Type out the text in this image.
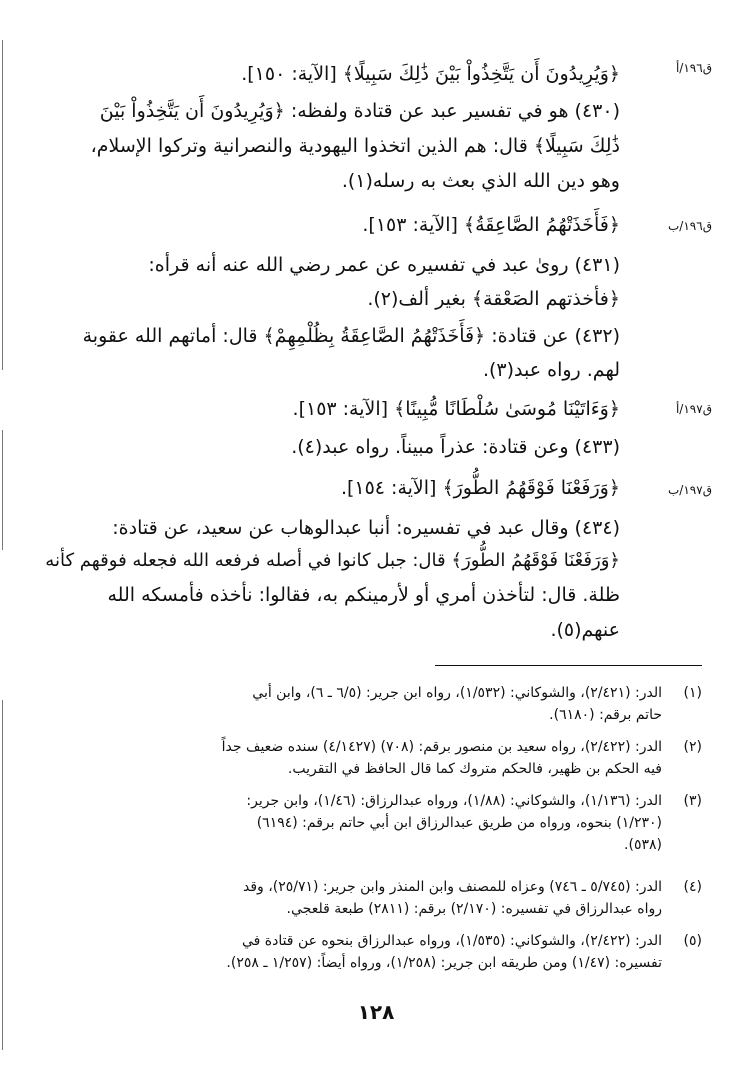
ق١٩٦/أ
ق١٩٦/ب
ق١٩٧/أ
ق١٩٧/ب
﴿وَيُرِيدُونَ أَن يَتَّخِذُواْ بَيْنَ ذَٰلِكَ سَبِيلًا﴾ [الآية: ١٥٠].
(٤٣٠) هو في تفسير عبد عن قتادة ولفظه: ﴿وَيُرِيدُونَ أَن يَتَّخِذُواْ بَيْنَ
ذَٰلِكَ سَبِيلًا﴾ قال: هم الذين اتخذوا اليهودية والنصرانية وتركوا الإسلام،
وهو دين الله الذي بعث به رسله(١).
﴿فَأَخَذَتْهُمُ الصَّاعِقَةُ﴾ [الآية: ١٥٣].
(٤٣١) روىٰ عبد في تفسيره عن عمر رضي الله عنه أنه قرأه:
﴿فأخذتهم الصَعْقة﴾ بغير ألف(٢).
(٤٣٢) عن قتادة: ﴿فَأَخَذَتْهُمُ الصَّاعِقَةُ بِظُلْمِهِمْ﴾ قال: أماتهم الله عقوبة
لهم. رواه عبد(٣).
﴿وَءَاتَيْنَا مُوسَىٰ سُلْطَانًا مُّبِينًا﴾ [الآية: ١٥٣].
(٤٣٣) وعن قتادة: عذراً مبيناً. رواه عبد(٤).
﴿وَرَفَعْنَا فَوْقَهُمُ الطُّورَ﴾ [الآية: ١٥٤].
(٤٣٤) وقال عبد في تفسيره: أنبا عبدالوهاب عن سعيد، عن قتادة:
﴿وَرَفَعْنَا فَوْقَهُمُ الطُّورَ﴾ قال: جبل كانوا في أصله فرفعه الله فجعله فوقهم كأنه
ظلة. قال: لتأخذن أمري أو لأرمينكم به، فقالوا: نأخذه فأمسكه الله
عنهم(٥).
(١)
الدر: (٢/٤٢١)، والشوكاني: (١/٥٣٢)، رواه ابن جرير: (٦/٥ ـ ٦)، وابن أبي
حاتم برقم: (٦١٨٠).
(٢)
الدر: (٢/٤٢٢)، رواه سعيد بن منصور برقم: (٧٠٨) (٤/١٤٢٧) سنده ضعيف جداً
فيه الحكم بن ظهير، فالحكم متروك كما قال الحافظ في التقريب.
(٣)
الدر: (١/١٣٦)، والشوكاني: (١/٨٨)، ورواه عبدالرزاق: (١/٤٦)، وابن جرير:
(١/٢٣٠) بنحوه، ورواه من طريق عبدالرزاق ابن أبي حاتم برقم: (٦١٩٤)
(٥٣٨).
(٤)
الدر: (٥/٧٤٥ ـ ٧٤٦) وعزاه للمصنف وابن المنذر وابن جرير: (٢٥/٧١)، وقد
رواه عبدالرزاق في تفسيره: (٢/١٧٠) برقم: (٢٨١١) طبعة قلعجي.
(٥)
الدر: (٢/٤٢٢)، والشوكاني: (١/٥٣٥)، ورواه عبدالرزاق بنحوه عن قتادة في
تفسيره: (١/٤٧) ومن طريقه ابن جرير: (١/٢٥٨)، ورواه أيضاً: (١/٢٥٧ ـ ٢٥٨).
١٢٨
